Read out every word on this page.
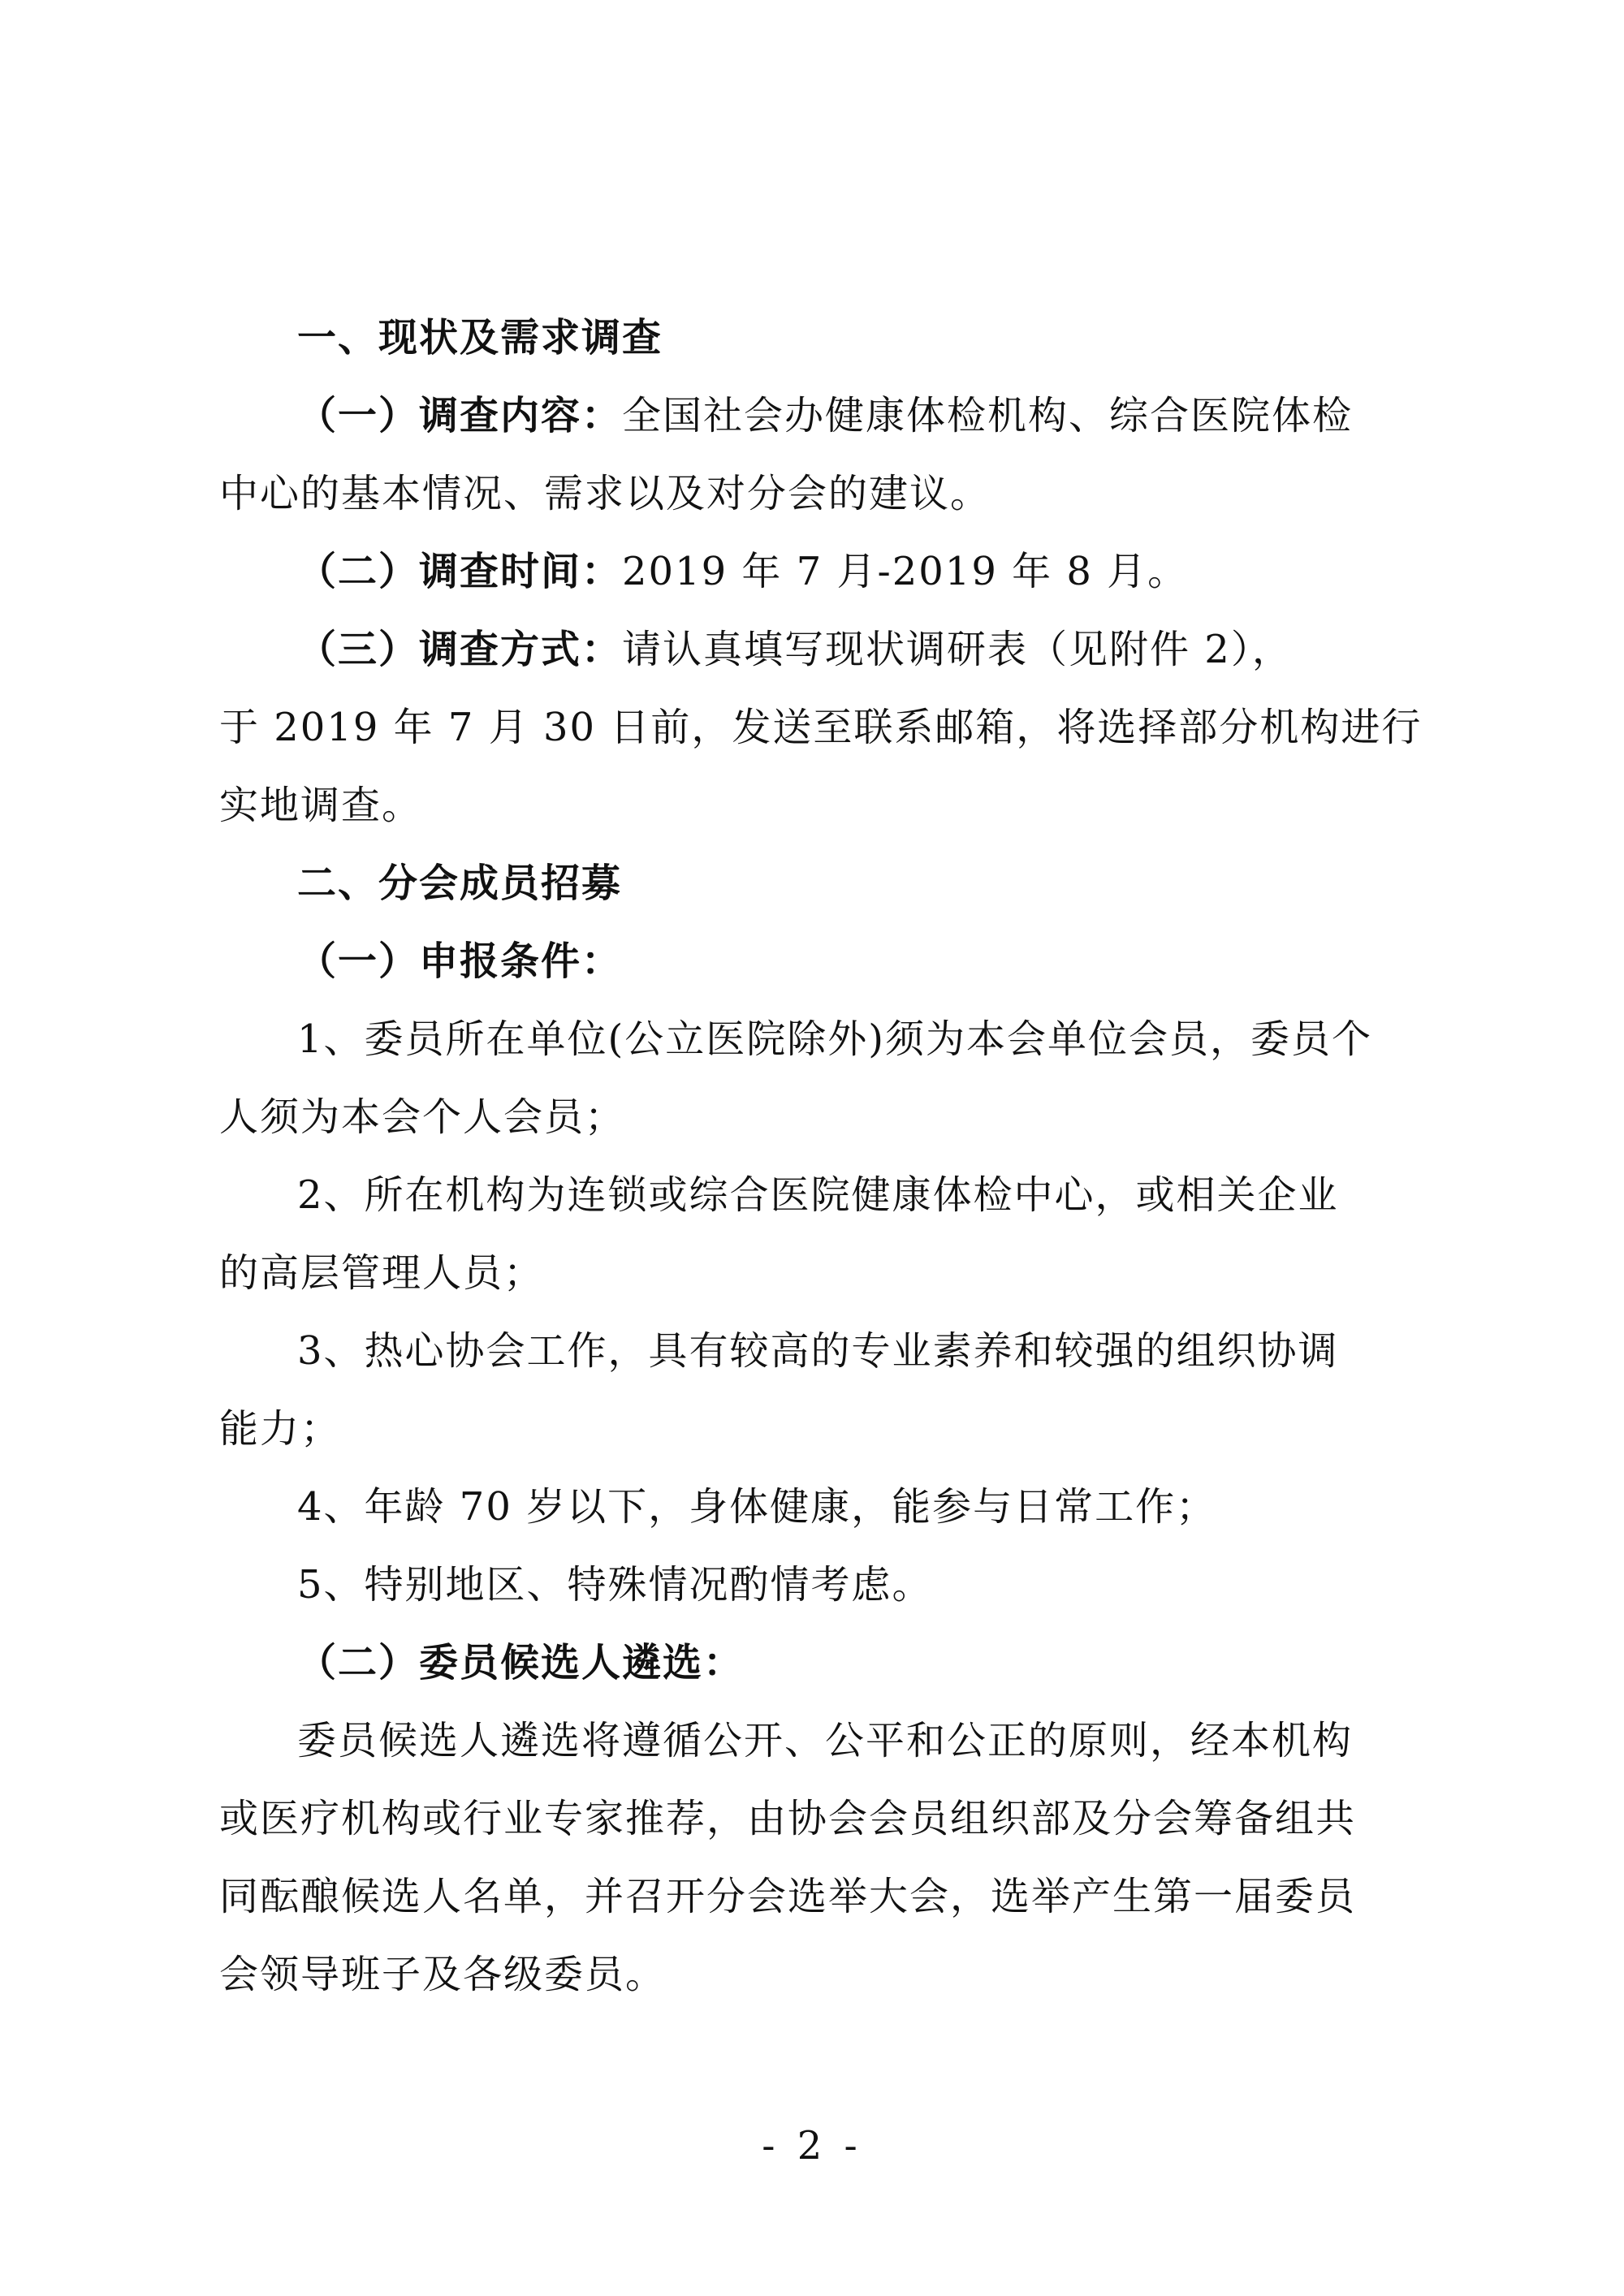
一、现状及需求调查

（一）调查内容：全国社会办健康体检机构、综合医院体检
中心的基本情况、需求以及对分会的建议。

（二）调查时间：2019 年 7 月-2019 年 8 月。

（三）调查方式：请认真填写现状调研表（见附件 2），
于 2019 年 7 月 30 日前，发送至联系邮箱，将选择部分机构进行
实地调查。

二、分会成员招募

（一）申报条件：

1、委员所在单位(公立医院除外)须为本会单位会员，委员个
人须为本会个人会员；

2、所在机构为连锁或综合医院健康体检中心，或相关企业
的高层管理人员；

3、热心协会工作，具有较高的专业素养和较强的组织协调
能力；

4、年龄 70 岁以下，身体健康，能参与日常工作；

5、特别地区、特殊情况酌情考虑。

（二）委员候选人遴选：

委员候选人遴选将遵循公开、公平和公正的原则，经本机构
或医疗机构或行业专家推荐，由协会会员组织部及分会筹备组共
同酝酿候选人名单，并召开分会选举大会，选举产生第一届委员
会领导班子及各级委员。

- 2 -
